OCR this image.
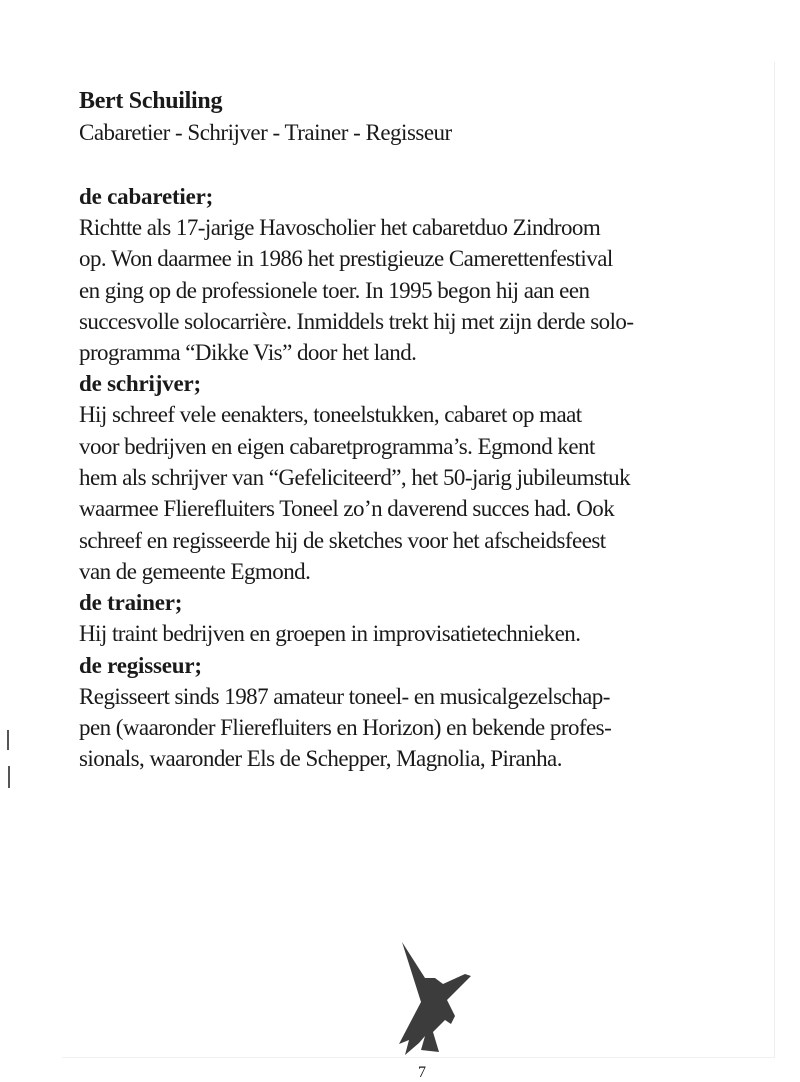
Bert Schuiling
Cabaretier - Schrijver - Trainer - Regisseur
de cabaretier;
Richtte als 17-jarige Havoscholier het cabaretduo Zindroom
op. Won daarmee in 1986 het prestigieuze Camerettenfestival
en ging op de professionele toer. In 1995 begon hij aan een
succesvolle solocarrière. Inmiddels trekt hij met zijn derde solo-
programma “Dikke Vis” door het land.
de schrijver;
Hij schreef vele eenakters, toneelstukken, cabaret op maat
voor bedrijven en eigen cabaretprogramma’s. Egmond kent
hem als schrijver van “Gefeliciteerd”, het 50-jarig jubileumstuk
waarmee Flierefluiters Toneel zo’n daverend succes had. Ook
schreef en regisseerde hij de sketches voor het afscheidsfeest
van de gemeente Egmond.
de trainer;
Hij traint bedrijven en groepen in improvisatietechnieken.
de regisseur;
Regisseert sinds 1987 amateur toneel- en musicalgezelschap-
pen (waaronder Flierefluiters en Horizon) en bekende profes-
sionals, waaronder Els de Schepper, Magnolia, Piranha.
7
